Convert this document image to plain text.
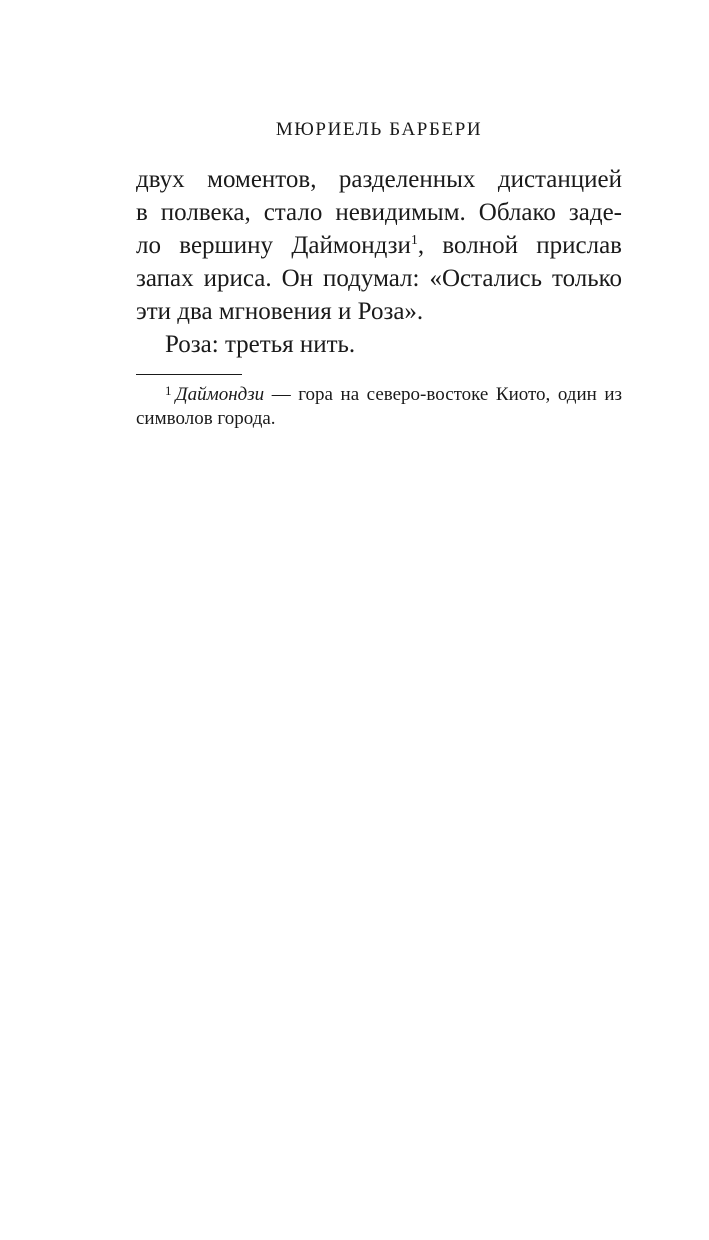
МЮРИЕЛЬ БАРБЕРИ
двух моментов, разделенных дистанцией
в полвека, стало невидимым. Облако заде-
ло вершину Даймондзи$^1$, волной прислав
запах ириса. Он подумал: «Остались только
эти два мгновения и Роза».
Роза: третья нить.
$^1$ Даймондзи — гора на северо-востоке Киото, один из
символов города.
